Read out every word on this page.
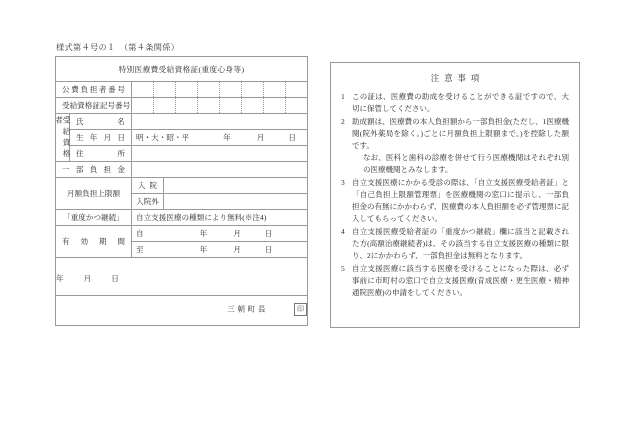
様式第４号の１　（第４条関係）
特別医療費受給資格証(重度心身等)			
公費負担者番号			

受給資格証記号番号			

受給資格者	氏名		
	生年月日	明・大・昭・平 年 月 日	
	住所		
一部負担金			
月額負担上限額		入院	
		入院外	
「重度かつ継続」		自立支援医療の種類により無料(※注4)	
有効期間		自 年 月 日	
		至 年 月 日	
年 月 日			
三朝町長 印			
注意事項
1 この証は、医療費の助成を受けることができる証ですので、大切に保管してください。
2 助成額は、医療費の本人負担額から一部負担金(ただし、1医療機関(院外薬局を除く。)ごとに月額負担上限額まで。)を控除した額です。
なお、医科と歯科の診療を併せて行う医療機関はそれぞれ別の医療機関とみなします。
3 自立支援医療にかかる受診の際は、「自立支援医療受給者証」と「自己負担上限額管理票」を医療機関の窓口に提示し、一部負担金の有無にかかわらず、医療費の本人負担額を必ず管理票に記入してもらってください。
4 自立支援医療受給者証の「重度かつ継続」欄に該当と記載された方(高額治療継続者)は、その該当する自立支援医療の種類に限り、2にかかわらず、一部負担金は無料となります。
5 自立支援医療に該当する医療を受けることになった際は、必ず事前に市町村の窓口で自立支援医療(育成医療・更生医療・精神通院医療)の申請をしてください。
